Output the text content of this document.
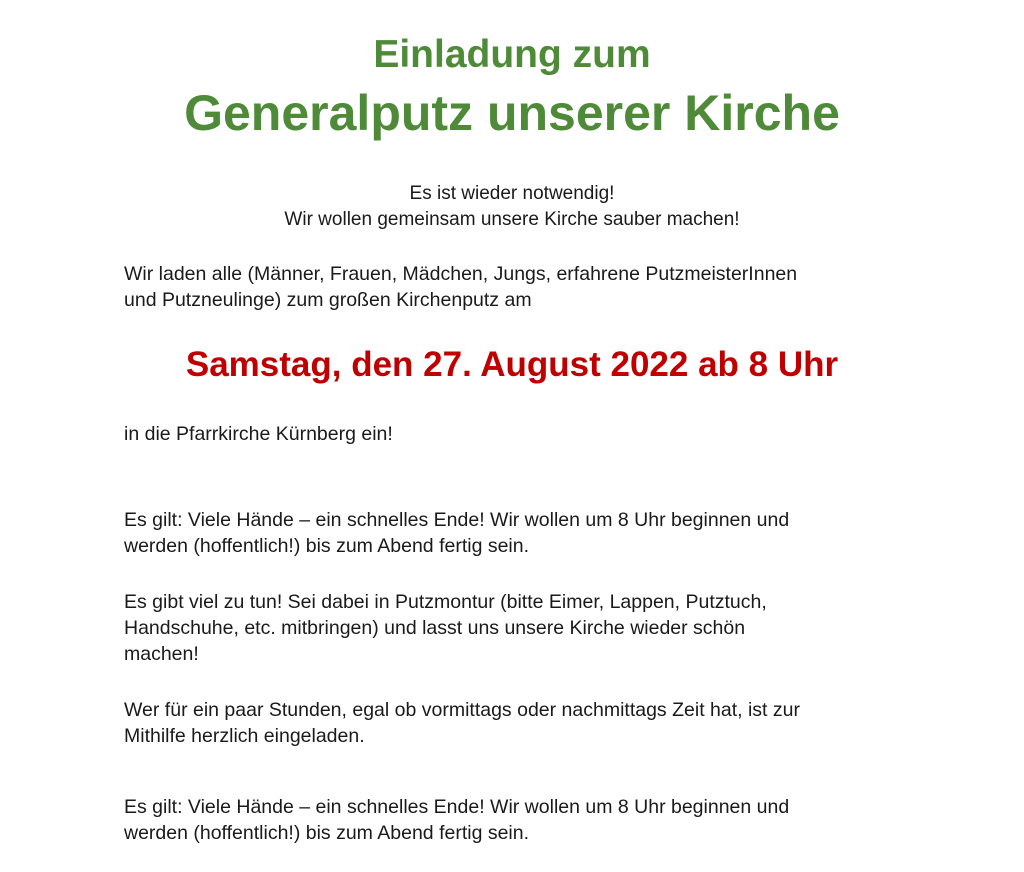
Einladung zum
Generalputz unserer Kirche

Es ist wieder notwendig!

Wir wollen gemeinsam unsere Kirche sauber machen!

Wir laden alle (Männer, Frauen, Mädchen, Jungs, erfahrene PutzmeisterInnen

und Putzneulinge) zum großen Kirchenputz am

Samstag, den 27. August 2022 ab 8 Uhr

in die Pfarrkirche Kürnberg ein!

Es gilt: Viele Hände – ein schnelles Ende! Wir wollen um 8 Uhr beginnen und

werden (hoffentlich!) bis zum Abend fertig sein.

Es gibt viel zu tun! Sei dabei in Putzmontur (bitte Eimer, Lappen, Putztuch,

Handschuhe, etc. mitbringen) und lasst uns unsere Kirche wieder schön

machen!

Wer für ein paar Stunden, egal ob vormittags oder nachmittags Zeit hat, ist zur

Mithilfe herzlich eingeladen.

Es gilt: Viele Hände – ein schnelles Ende! Wir wollen um 8 Uhr beginnen und

werden (hoffentlich!) bis zum Abend fertig sein.
